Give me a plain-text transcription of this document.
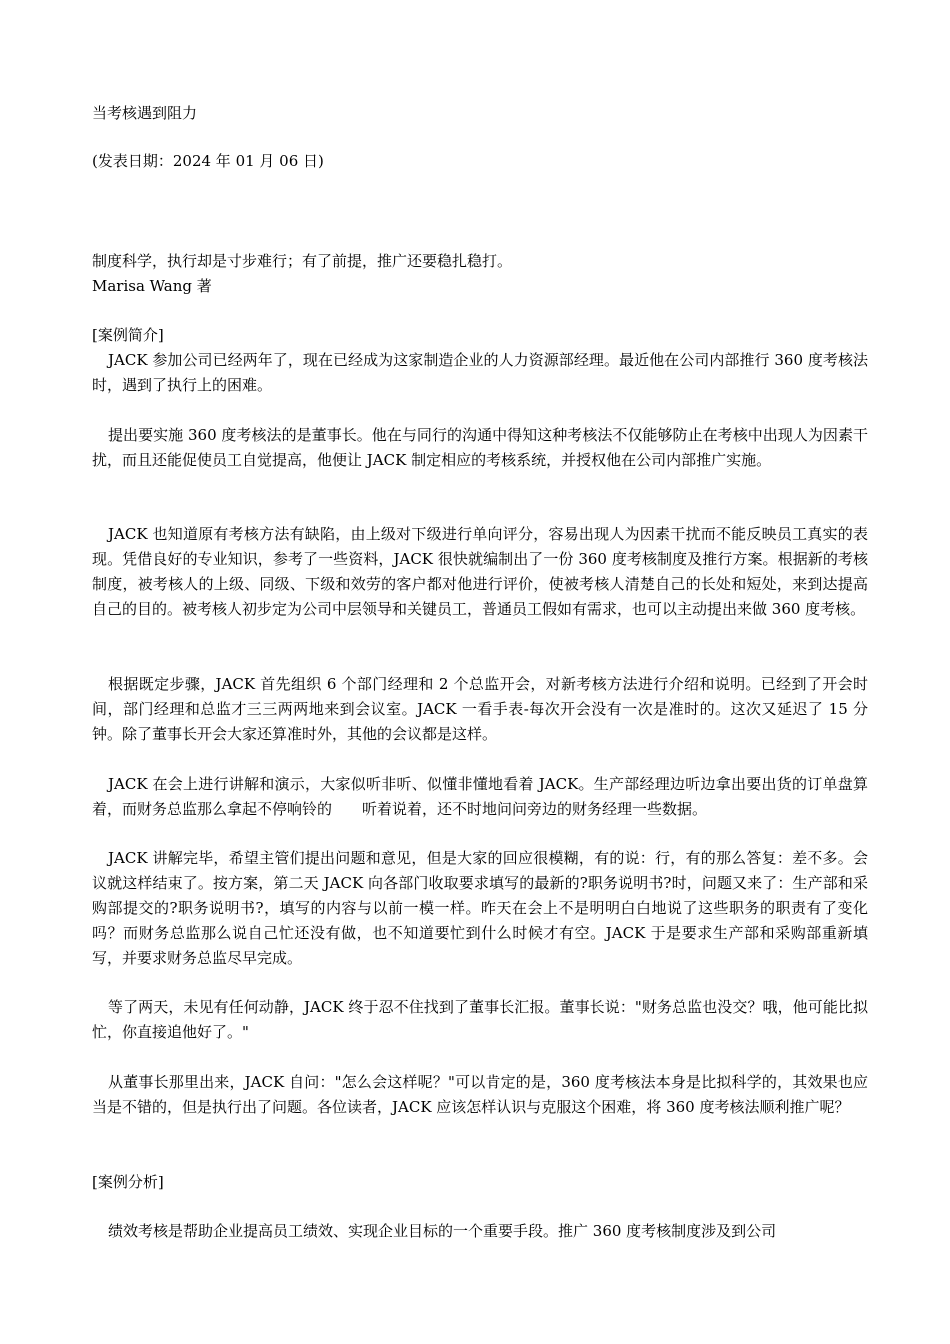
当考核遇到阻力
(发表日期：2024 年 01 月 06 日)
制度科学，执行却是寸步难行；有了前提，推广还要稳扎稳打。
Marisa Wang 著
[案例简介]
JACK 参加公司已经两年了，现在已经成为这家制造企业的人力资源部经理。最近他在公司内部推行 360 度考核法时，遇到了执行上的困难。
提出要实施 360 度考核法的是董事长。他在与同行的沟通中得知这种考核法不仅能够防止在考核中出现人为因素干扰，而且还能促使员工自觉提高，他便让 JACK 制定相应的考核系统，并授权他在公司内部推广实施。
JACK 也知道原有考核方法有缺陷，由上级对下级进行单向评分，容易出现人为因素干扰而不能反映员工真实的表现。凭借良好的专业知识，参考了一些资料，JACK 很快就编制出了一份 360 度考核制度及推行方案。根据新的考核制度，被考核人的上级、同级、下级和效劳的客户都对他进行评价，使被考核人清楚自己的长处和短处，来到达提高自己的目的。被考核人初步定为公司中层领导和关键员工，普通员工假如有需求，也可以主动提出来做 360 度考核。
根据既定步骤，JACK 首先组织 6 个部门经理和 2 个总监开会，对新考核方法进行介绍和说明。已经到了开会时间，部门经理和总监才三三两两地来到会议室。JACK 一看手表-每次开会没有一次是准时的。这次又延迟了 15 分钟。除了董事长开会大家还算准时外，其他的会议都是这样。
JACK 在会上进行讲解和演示，大家似听非听、似懂非懂地看着 JACK。生产部经理边听边拿出要出货的订单盘算着，而财务总监那么拿起不停响铃的　　听着说着，还不时地问问旁边的财务经理一些数据。
JACK 讲解完毕，希望主管们提出问题和意见，但是大家的回应很模糊，有的说：行，有的那么答复：差不多。会议就这样结束了。按方案，第二天 JACK 向各部门收取要求填写的最新的?职务说明书?时，问题又来了：生产部和采购部提交的?职务说明书?，填写的内容与以前一模一样。昨天在会上不是明明白白地说了这些职务的职责有了变化吗？而财务总监那么说自己忙还没有做，也不知道要忙到什么时候才有空。JACK 于是要求生产部和采购部重新填写，并要求财务总监尽早完成。
等了两天，未见有任何动静，JACK 终于忍不住找到了董事长汇报。董事长说："财务总监也没交？哦，他可能比拟忙，你直接追他好了。"
从董事长那里出来，JACK 自问："怎么会这样呢？"可以肯定的是，360 度考核法本身是比拟科学的，其效果也应当是不错的，但是执行出了问题。各位读者，JACK 应该怎样认识与克服这个困难，将 360 度考核法顺利推广呢？
[案例分析]
绩效考核是帮助企业提高员工绩效、实现企业目标的一个重要手段。推广 360 度考核制度涉及到公司
